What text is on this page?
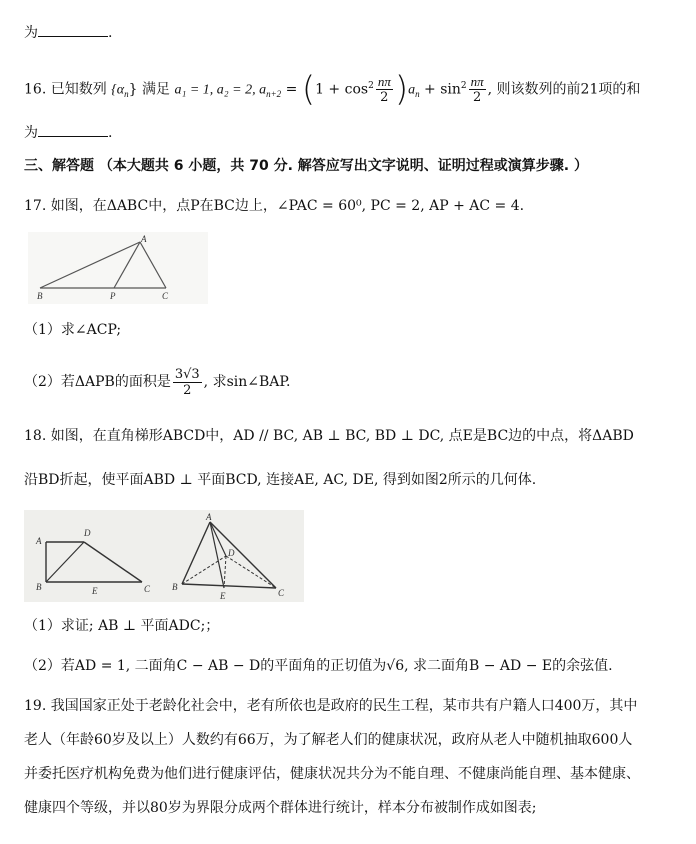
为	.
16. 已知数列 $\{\alpha_n\}$ 满足 a₁ = 1, a₂ = 2, $a_{n+2} = (1 + \cos^2 \frac{n\pi}{2} )a_n + \sin^2 \frac{n\pi}{2}$ , 则该数列的前21项的和
为	.
三、解答题 （本大题共 6 小题，共 70 分. 解答应写出文字说明、证明过程或演算步骤. ）
17. 如图，在ΔABC中，点P在BC边上，∠PAC = 60⁰, PC = 2, AP + AC = 4.
A
B	P	C
（1）求∠ACP;
（2）若ΔAPB的面积是 $\frac{3√3}{2}$ , 求sin∠BAP.
18. 如图，在直角梯形ABCD中，AD // BC, AB ⊥ BC, BD ⊥ DC, 点E是BC边的中点，将ΔABD
沿BD折起，使平面ABD ⊥ 平面BCD, 连接AE, AC, DE, 得到如图2所示的几何体.
A
D
B	E	C
A
D
B
E	C
（1）求证; AB ⊥ 平面ADC;；
（2）若AD = 1, 二面角C − AB − D的平面角的正切值为√6, 求二面角B − AD − E的余弦值.
19. 我国国家正处于老龄化社会中，老有所依也是政府的民生工程，某市共有户籍人口400万，其中
老人（年龄60岁及以上）人数约有66万，为了解老人们的健康状况，政府从老人中随机抽取600人
并委托医疗机构免费为他们进行健康评估，健康状况共分为不能自理、不健康尚能自理、基本健康、
健康四个等级，并以80岁为界限分成两个群体进行统计，样本分布被制作成如图表;
